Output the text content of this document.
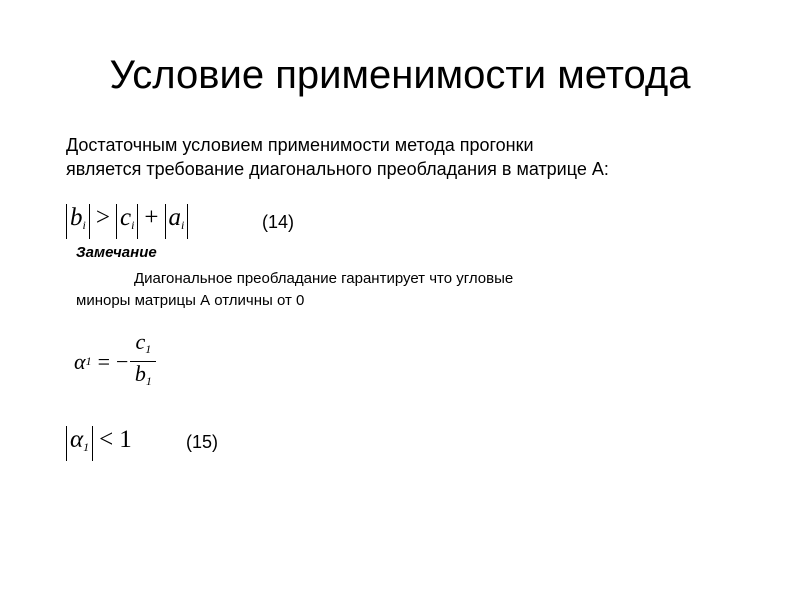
Условие применимости метода
Достаточным условием применимости метода прогонки
является требование диагонального преобладания в матрице А:
$b_i > c_i + a_i$	(14)
Замечание
Диагональное преобладание гарантирует что угловые
миноры матрицы А отличны от 0
α 1 = − $\frac{c_1}{b_1}$
$\alpha_1 < 1$	(15)
